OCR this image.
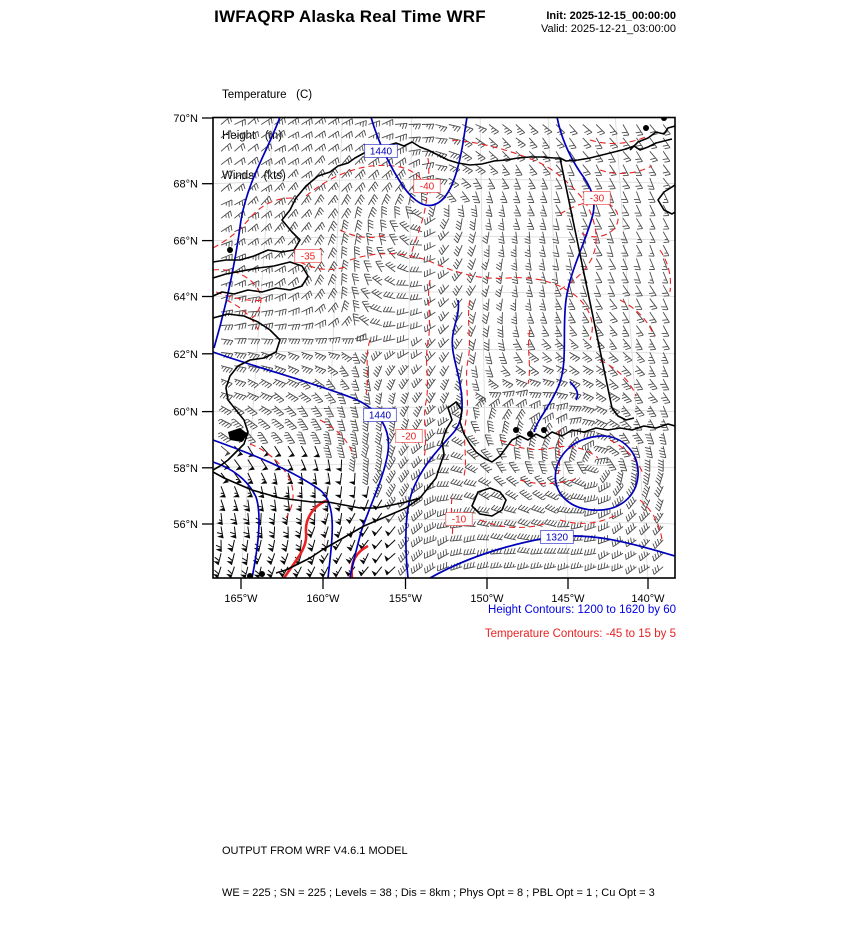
IWFAQRP Alaska Real Time WRF	Init: 2025-12-15_00:00:00
Valid: 2025-12-21_03:00:00

Temperature   (C)

Height   (m)

Winds   (kts)

70°N
68°N
66°N
64°N
62°N
60°N
58°N
56°N
165°W	160°W	155°W	150°W	145°W	140°W
1440
-40
-30
-35
1440
-20
-10
1320
Height Contours: 1200 to 1620 by 60
Temperature Contours: -45 to 15 by 5

OUTPUT FROM WRF V4.6.1 MODEL

WE = 225 ; SN = 225 ; Levels = 38 ; Dis = 8km ; Phys Opt = 8 ; PBL Opt = 1 ; Cu Opt = 3
